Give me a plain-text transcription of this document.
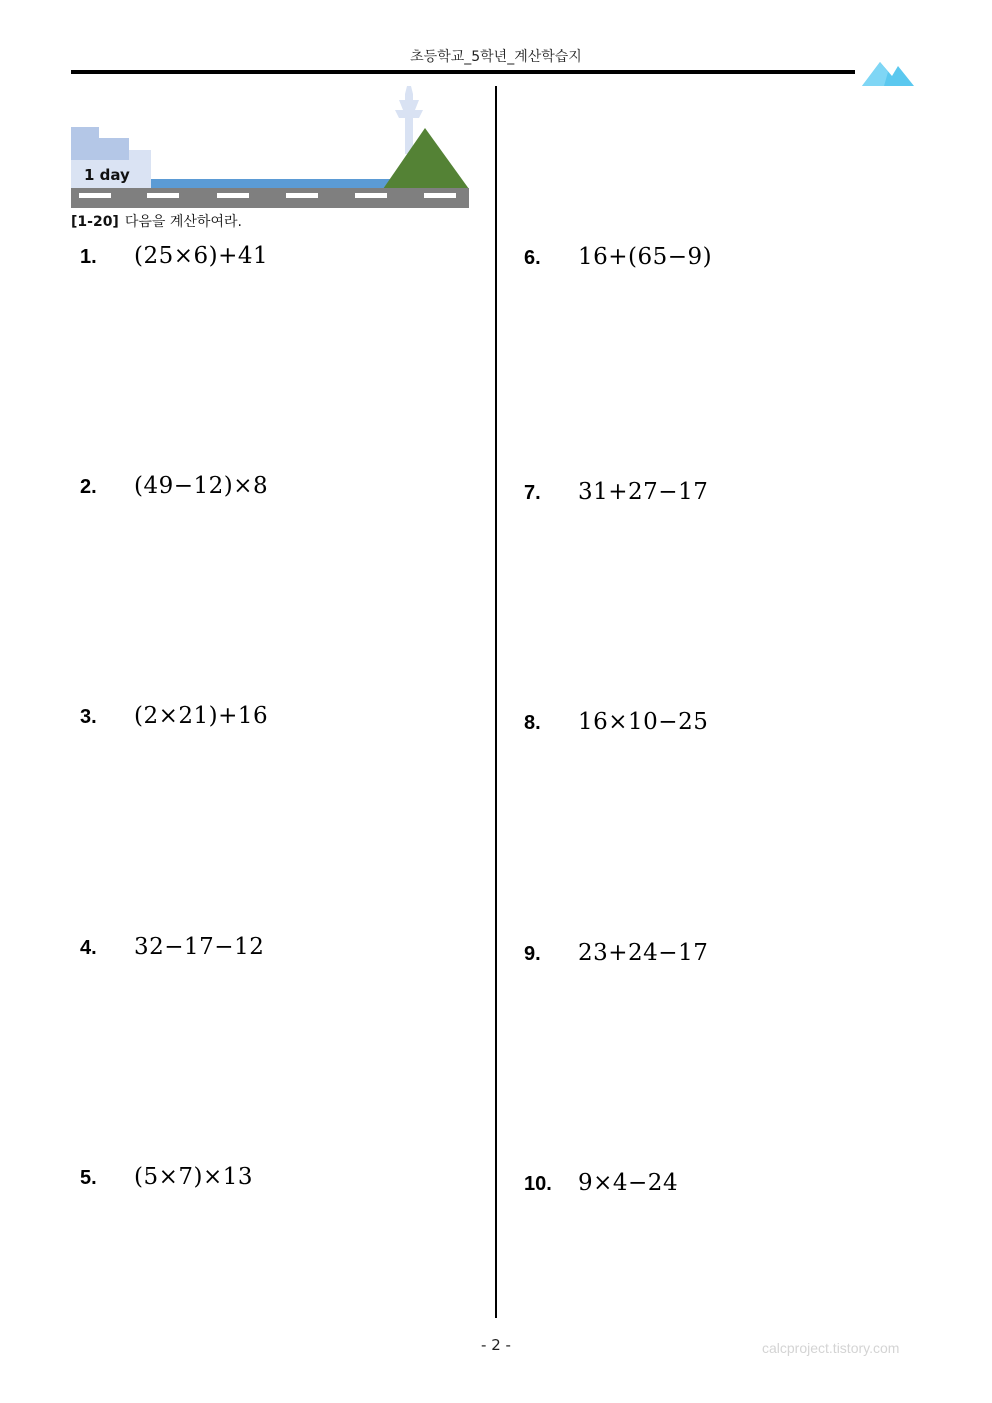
초등학교_5학년_계산학습지
1 day
[1-20] 다음을 계산하여라.
1.	(25×6)+41
2.	(49−12)×8
3.	(2×21)+16
4.	32−17−12
5.	(5×7)×13
6.	16+(65−9)
7.	31+27−17
8.	16×10−25
9.	23+24−17
10.	9×4−24
- 2 -	calcproject.tistory.com
